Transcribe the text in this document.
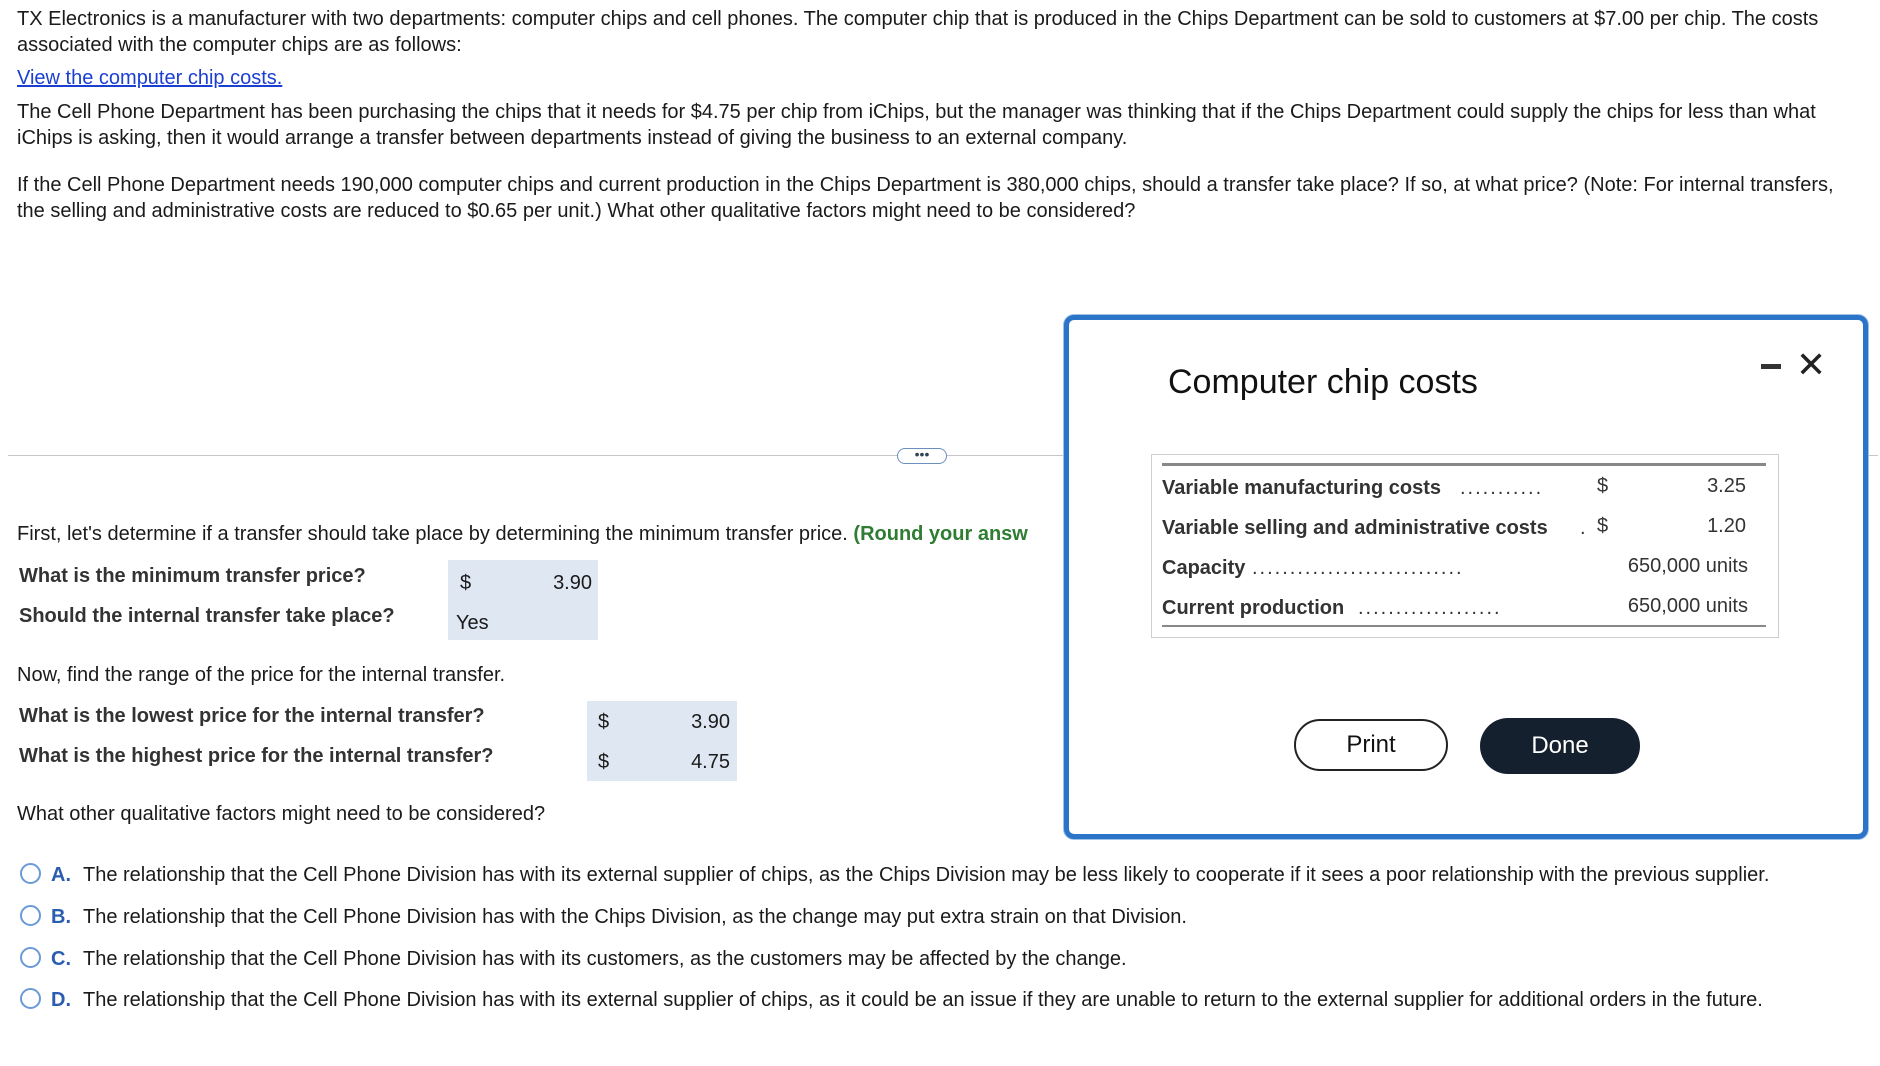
TX Electronics is a manufacturer with two departments: computer chips and cell phones. The computer chip that is produced in the Chips Department can be sold to customers at $7.00 per chip. The costs associated with the computer chips are as follows:
View the computer chip costs.
The Cell Phone Department has been purchasing the chips that it needs for $4.75 per chip from iChips, but the manager was thinking that if the Chips Department could supply the chips for less than what iChips is asking, then it would arrange a transfer between departments instead of giving the business to an external company.
If the Cell Phone Department needs 190,000 computer chips and current production in the Chips Department is 380,000 chips, should a transfer take place? If so, at what price? (Note: For internal transfers, the selling and administrative costs are reduced to $0.65 per unit.) What other qualitative factors might need to be considered?
•••
First, let's determine if a transfer should take place by determining the minimum transfer price. (Round your answ
What is the minimum transfer price?	$	3.90
Should the internal transfer take place?	Yes
Now, find the range of the price for the internal transfer.
What is the lowest price for the internal transfer?	$	3.90
What is the highest price for the internal transfer?	$	4.75
What other qualitative factors might need to be considered?
A. The relationship that the Cell Phone Division has with its external supplier of chips, as the Chips Division may be less likely to cooperate if it sees a poor relationship with the previous supplier.
B. The relationship that the Cell Phone Division has with the Chips Division, as the change may put extra strain on that Division.
C. The relationship that the Cell Phone Division has with its customers, as the customers may be affected by the change.
D. The relationship that the Cell Phone Division has with its external supplier of chips, as it could be an issue if they are unable to return to the external supplier for additional orders in the future.
Computer chip costs	✕
Variable manufacturing costs ...........	$	3.25
Variable selling and administrative costs . $	1.20
Capacity ............................	650,000 units
Current production ...................	650,000 units
Print	Done
